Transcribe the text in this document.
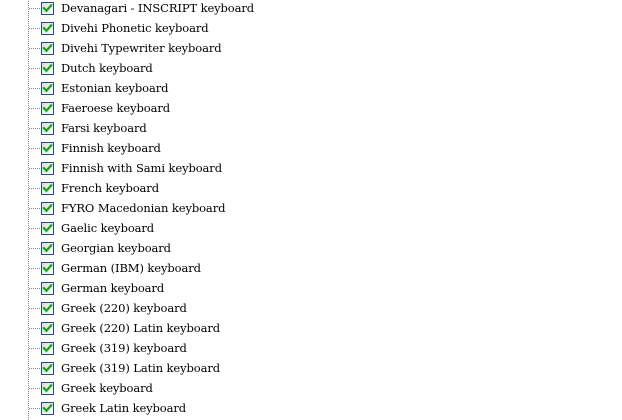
Devanagari - INSCRIPT keyboard
Divehi Phonetic keyboard
Divehi Typewriter keyboard
Dutch keyboard
Estonian keyboard
Faeroese keyboard
Farsi keyboard
Finnish keyboard
Finnish with Sami keyboard
French keyboard
FYRO Macedonian keyboard
Gaelic keyboard
Georgian keyboard
German (IBM) keyboard
German keyboard
Greek (220) keyboard
Greek (220) Latin keyboard
Greek (319) keyboard
Greek (319) Latin keyboard
Greek keyboard
Greek Latin keyboard
